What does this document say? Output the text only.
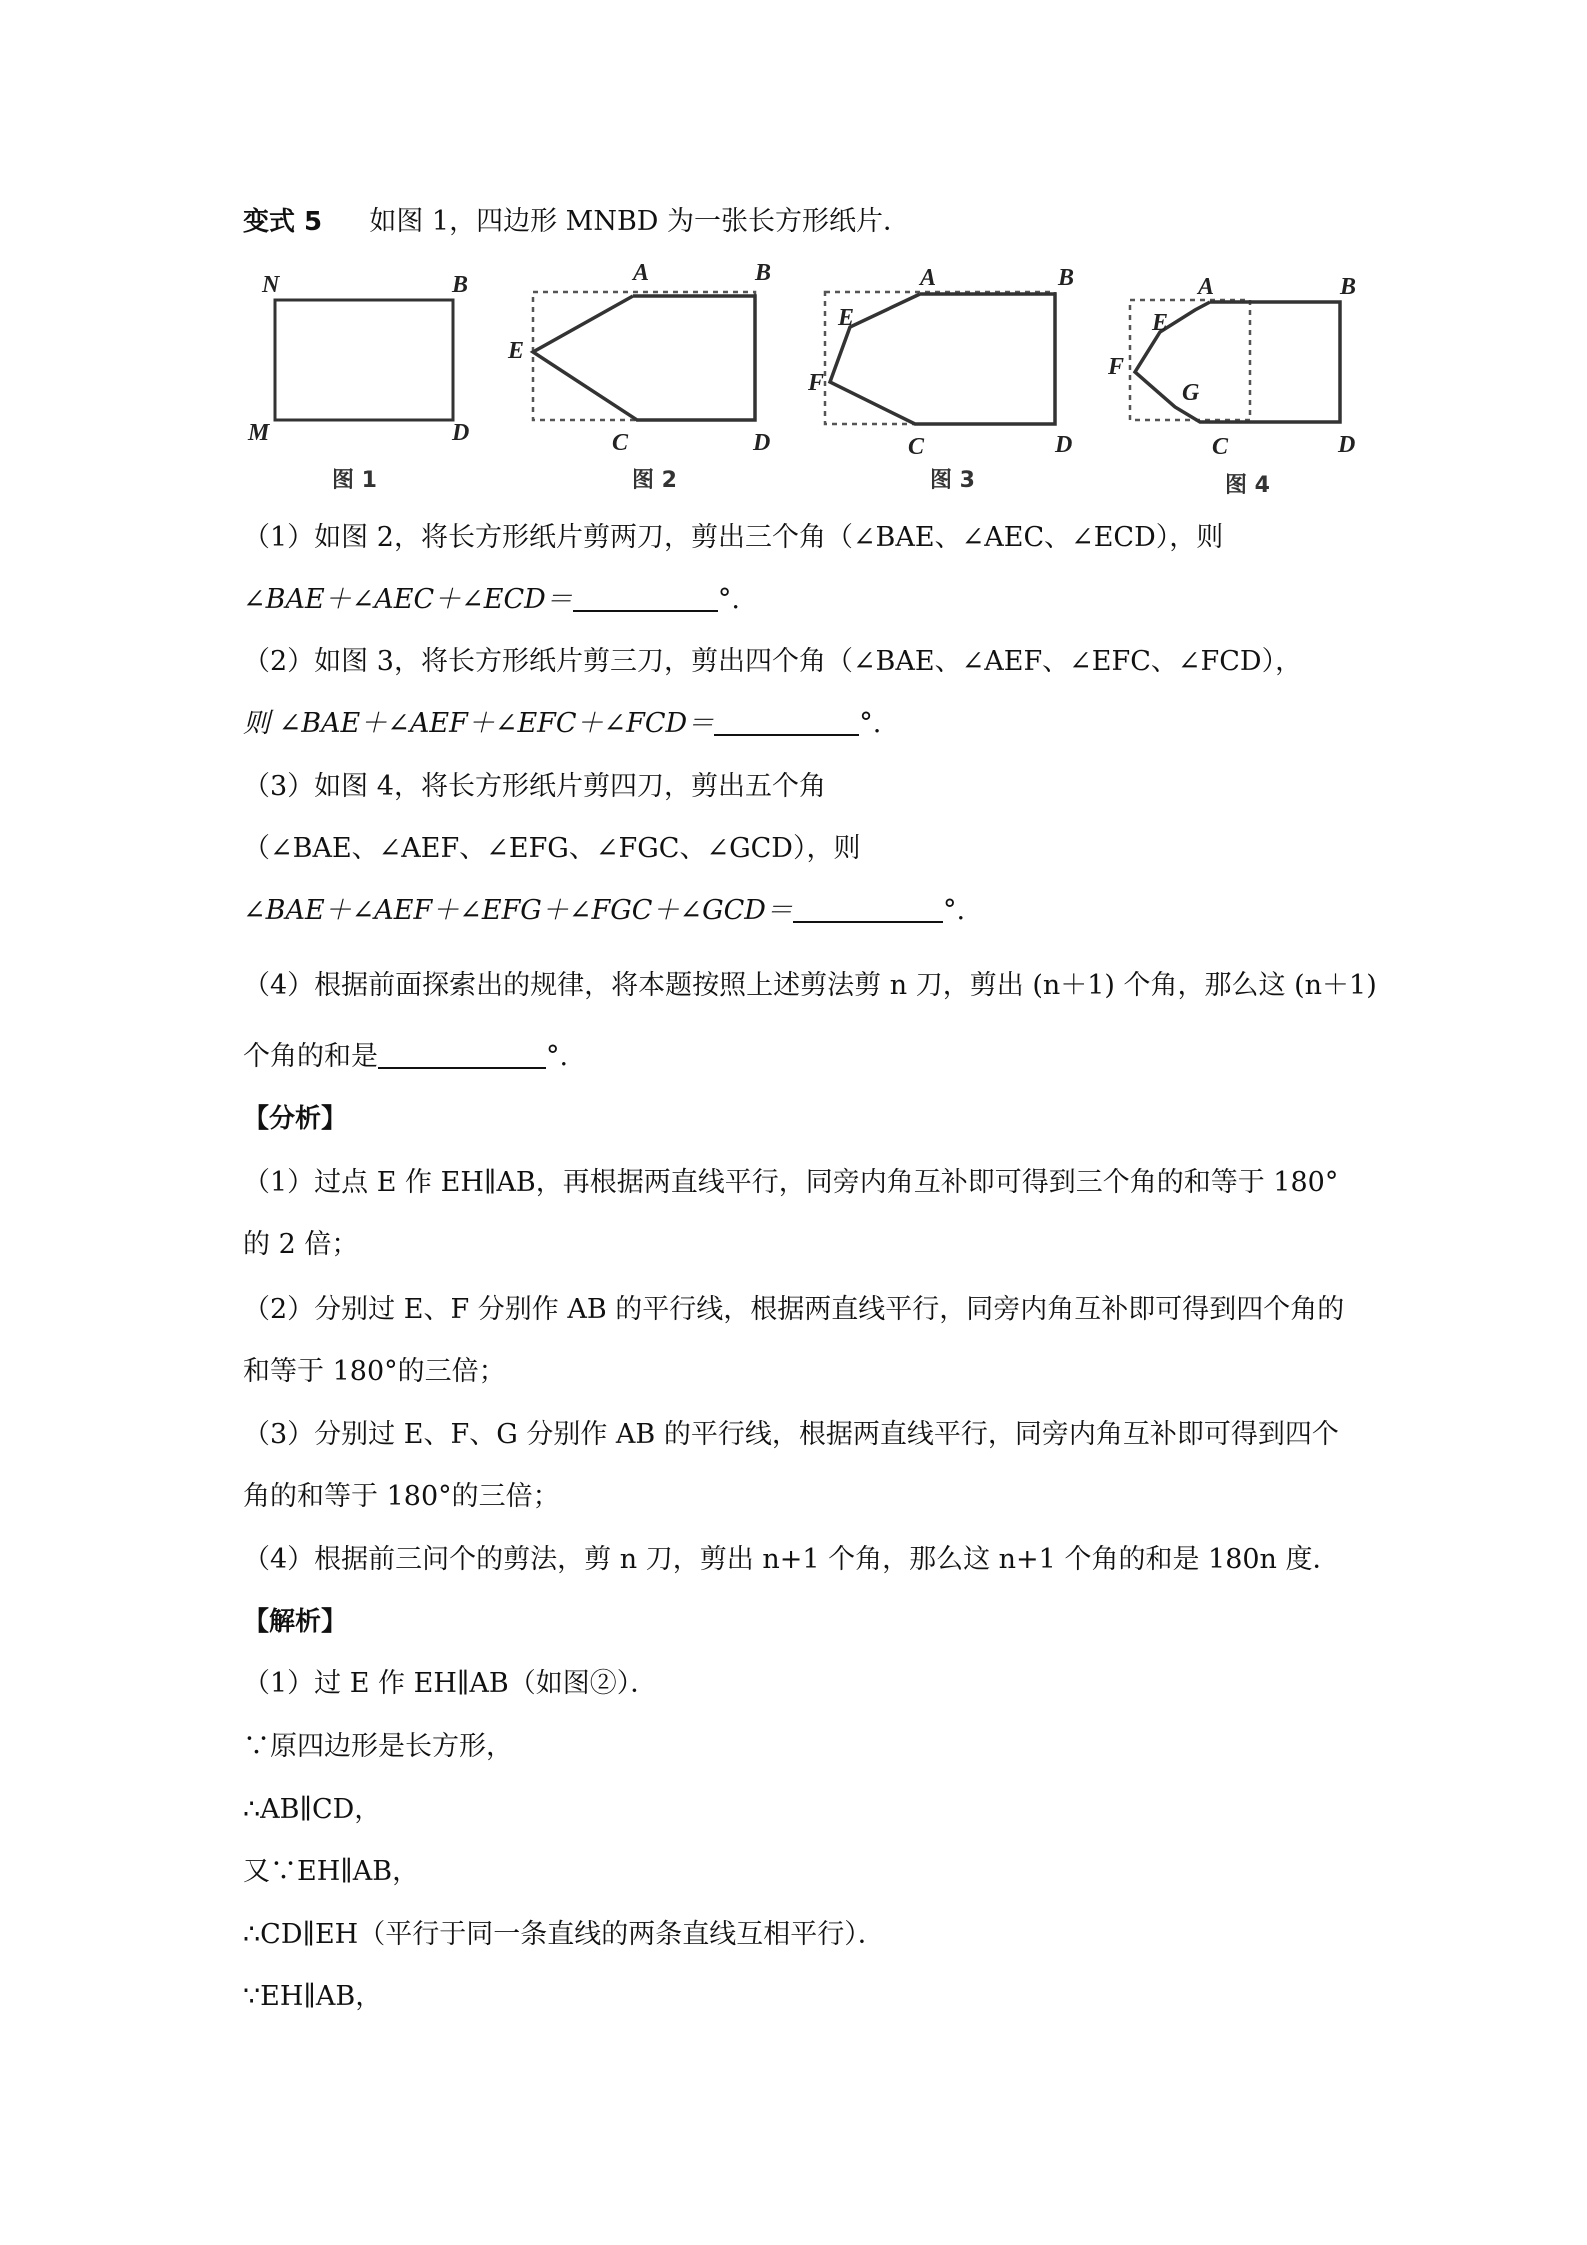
变式 5 如图 1，四边形 MNBD 为一张长方形纸片．
N	B
M	D
图 1
A	B
E
C	D
图 2
A	B
E
F
C	D
图 3
A	B
E
F
G
C	D
图 4
（1）如图 2，将长方形纸片剪两刀，剪出三个角（∠BAE、∠AEC、∠ECD），则
∠BAE＋∠AEC＋∠ECD＝	°.
（2）如图 3，将长方形纸片剪三刀，剪出四个角（∠BAE、∠AEF、∠EFC、∠FCD），
则 ∠BAE＋∠AEF＋∠EFC＋∠FCD＝	°.
（3）如图 4，将长方形纸片剪四刀，剪出五个角
（∠BAE、∠AEF、∠EFG、∠FGC、∠GCD），则
∠BAE＋∠AEF＋∠EFG＋∠FGC＋∠GCD＝	°.
（4）根据前面探索出的规律，将本题按照上述剪法剪 n 刀，剪出 (n＋1) 个角，那么这 (n＋1)
个角的和是	°.
【分析】
（1）过点 E 作 EH∥AB，再根据两直线平行，同旁内角互补即可得到三个角的和等于 180°
的 2 倍；
（2）分别过 E、F 分别作 AB 的平行线，根据两直线平行，同旁内角互补即可得到四个角的
和等于 180°的三倍；
（3）分别过 E、F、G 分别作 AB 的平行线，根据两直线平行，同旁内角互补即可得到四个
角的和等于 180°的三倍；
（4）根据前三问个的剪法，剪 n 刀，剪出 n+1 个角，那么这 n+1 个角的和是 180n 度．
【解析】
（1）过 E 作 EH∥AB（如图②）．
∵原四边形是长方形，
∴AB∥CD，
又∵EH∥AB，
∴CD∥EH（平行于同一条直线的两条直线互相平行）．
∵EH∥AB，
